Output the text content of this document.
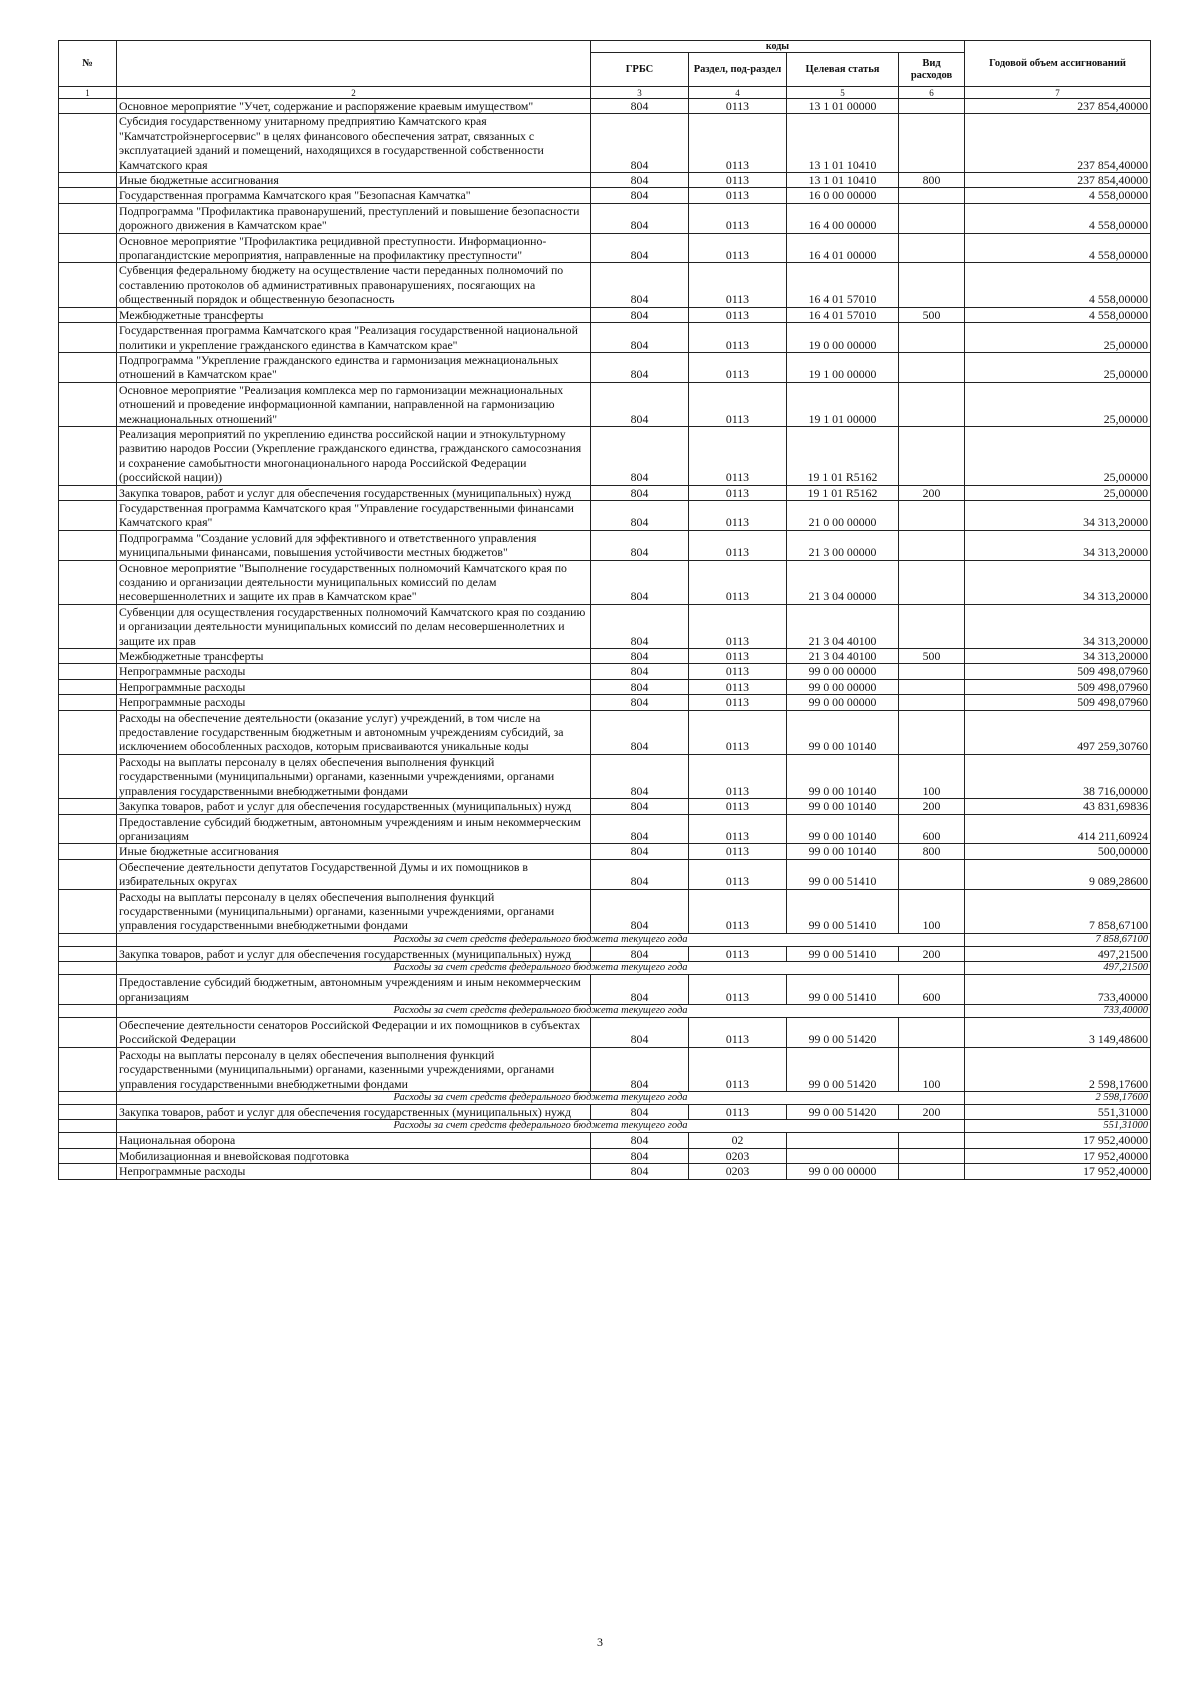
№		коды				Годовой объем ассигнований
		ГРБС	Раздел, под-раздел	Целевая статья	Вид расходов	
1	2	3	4	5	6	7
	Основное мероприятие "Учет, содержание и распоряжение краевым имуществом"	804	0113	13 1 01 00000		237 854,40000
	Субсидия государственному унитарному предприятию Камчатского края "Камчатстройэнергосервис" в целях финансового обеспечения затрат, связанных с эксплуатацией зданий и помещений, находящихся в государственной собственности Камчатского края	804	0113	13 1 01 10410		237 854,40000
	Иные бюджетные ассигнования	804	0113	13 1 01 10410	800	237 854,40000
	Государственная программа Камчатского края "Безопасная Камчатка"	804	0113	16 0 00 00000		4 558,00000
	Подпрограмма "Профилактика правонарушений, преступлений и повышение безопасности дорожного движения в Камчатском крае"	804	0113	16 4 00 00000		4 558,00000
	Основное мероприятие "Профилактика рецидивной преступности. Информационно-пропагандистские мероприятия, направленные на профилактику преступности"	804	0113	16 4 01 00000		4 558,00000
	Субвенция федеральному бюджету на осуществление части переданных полномочий по составлению протоколов об административных правонарушениях, посягающих на общественный порядок и общественную безопасность	804	0113	16 4 01 57010		4 558,00000
	Межбюджетные трансферты	804	0113	16 4 01 57010	500	4 558,00000
	Государственная программа Камчатского края "Реализация государственной национальной политики и укрепление гражданского единства в Камчатском крае"	804	0113	19 0 00 00000		25,00000
	Подпрограмма "Укрепление гражданского единства и гармонизация межнациональных отношений в Камчатском крае"	804	0113	19 1 00 00000		25,00000
	Основное мероприятие "Реализация комплекса мер по гармонизации межнациональных отношений и проведение информационной кампании, направленной на гармонизацию межнациональных отношений"	804	0113	19 1 01 00000		25,00000
	Реализация мероприятий по укреплению единства российской нации и этнокультурному развитию народов России (Укрепление гражданского единства, гражданского самосознания и сохранение самобытности многонационального народа Российской Федерации (российской нации))	804	0113	19 1 01 R5162		25,00000
	Закупка товаров, работ и услуг для обеспечения государственных (муниципальных) нужд	804	0113	19 1 01 R5162	200	25,00000
	Государственная программа Камчатского края "Управление государственными финансами Камчатского края"	804	0113	21 0 00 00000		34 313,20000
	Подпрограмма "Создание условий для эффективного и ответственного управления муниципальными финансами, повышения устойчивости местных бюджетов"	804	0113	21 3 00 00000		34 313,20000
	Основное мероприятие "Выполнение государственных полномочий Камчатского края по созданию и организации деятельности муниципальных комиссий по делам несовершеннолетних и защите их прав в Камчатском крае"	804	0113	21 3 04 00000		34 313,20000
	Субвенции для осуществления государственных полномочий Камчатского края по созданию и организации деятельности муниципальных комиссий по делам несовершеннолетних и защите их прав	804	0113	21 3 04 40100		34 313,20000
	Межбюджетные трансферты	804	0113	21 3 04 40100	500	34 313,20000
	Непрограммные расходы	804	0113	99 0 00 00000		509 498,07960
	Непрограммные расходы	804	0113	99 0 00 00000		509 498,07960
	Непрограммные расходы	804	0113	99 0 00 00000		509 498,07960
	Расходы на обеспечение деятельности (оказание услуг) учреждений, в том числе на предоставление государственным бюджетным и автономным учреждениям субсидий, за исключением обособленных расходов, которым присваиваются уникальные коды	804	0113	99 0 00 10140		497 259,30760
	Расходы на выплаты персоналу в целях обеспечения выполнения функций государственными (муниципальными) органами, казенными учреждениями, органами управления государственными внебюджетными фондами	804	0113	99 0 00 10140	100	38 716,00000
	Закупка товаров, работ и услуг для обеспечения государственных (муниципальных) нужд	804	0113	99 0 00 10140	200	43 831,69836
	Предоставление субсидий бюджетным, автономным учреждениям и иным некоммерческим организациям	804	0113	99 0 00 10140	600	414 211,60924
	Иные бюджетные ассигнования	804	0113	99 0 00 10140	800	500,00000
	Обеспечение деятельности депутатов Государственной Думы и их помощников в избирательных округах	804	0113	99 0 00 51410		9 089,28600
	Расходы на выплаты персоналу в целях обеспечения выполнения функций государственными (муниципальными) органами, казенными учреждениями, органами управления государственными внебюджетными фондами	804	0113	99 0 00 51410	100	7 858,67100
	Расходы за счет средств федерального бюджета текущего года					7 858,67100
	Закупка товаров, работ и услуг для обеспечения государственных (муниципальных) нужд	804	0113	99 0 00 51410	200	497,21500
	Расходы за счет средств федерального бюджета текущего года					497,21500
	Предоставление субсидий бюджетным, автономным учреждениям и иным некоммерческим организациям	804	0113	99 0 00 51410	600	733,40000
	Расходы за счет средств федерального бюджета текущего года					733,40000
	Обеспечение деятельности сенаторов Российской Федерации и их помощников в субъектах Российской Федерации	804	0113	99 0 00 51420		3 149,48600
	Расходы на выплаты персоналу в целях обеспечения выполнения функций государственными (муниципальными) органами, казенными учреждениями, органами управления государственными внебюджетными фондами	804	0113	99 0 00 51420	100	2 598,17600
	Расходы за счет средств федерального бюджета текущего года					2 598,17600
	Закупка товаров, работ и услуг для обеспечения государственных (муниципальных) нужд	804	0113	99 0 00 51420	200	551,31000
	Расходы за счет средств федерального бюджета текущего года					551,31000
	Национальная оборона	804	02			17 952,40000
	Мобилизационная и вневойсковая подготовка	804	0203			17 952,40000
	Непрограммные расходы	804	0203	99 0 00 00000		17 952,40000
3
